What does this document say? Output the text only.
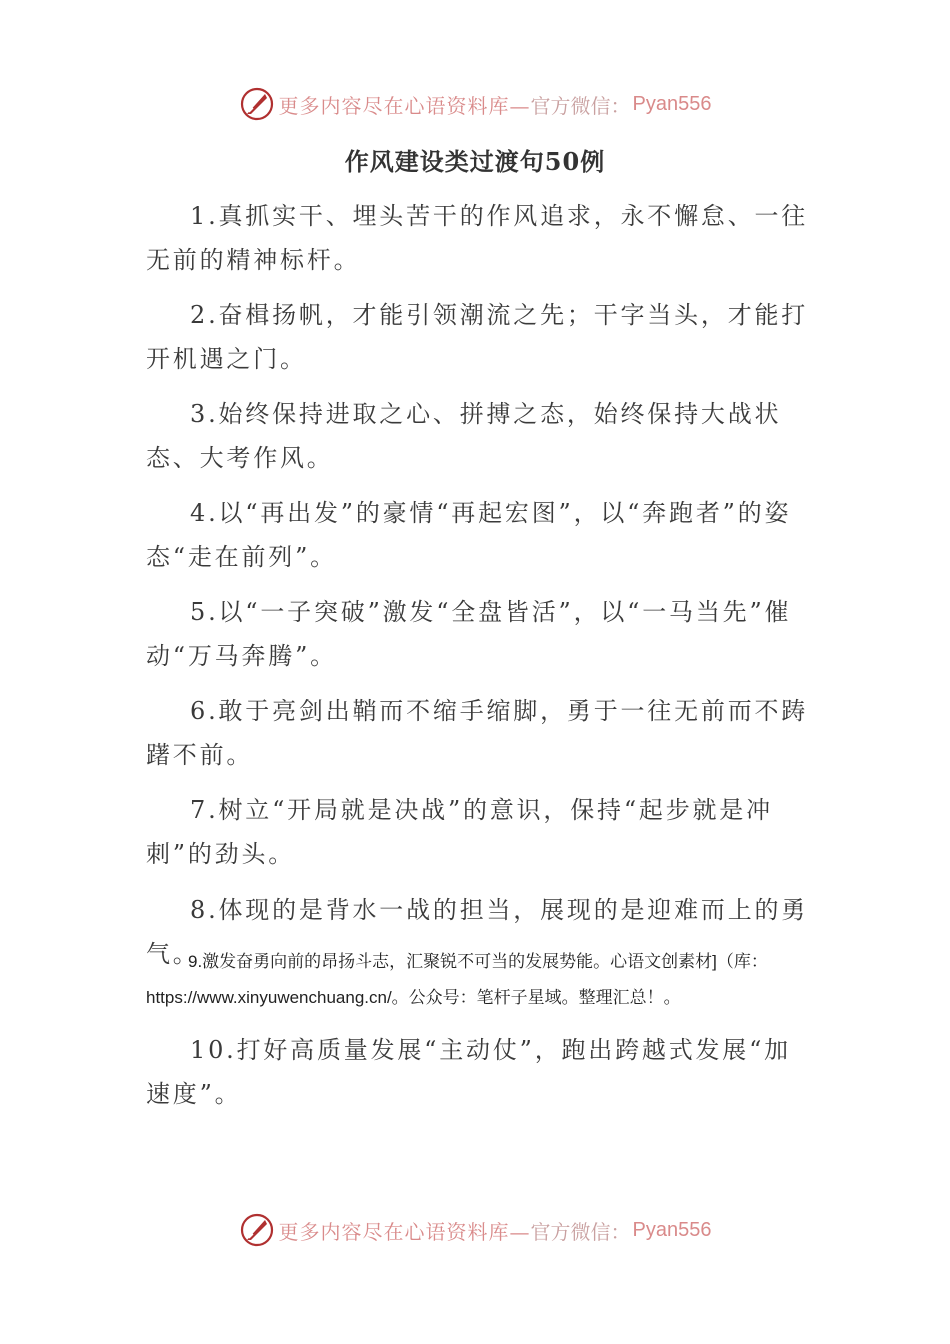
更多内容尽在心语资料库— 官方微信： Pyan556
作风建设类过渡句50例

1.真抓实干、埋头苦干的作风追求，永不懈怠、一往无前的精神标杆。

2.奋楫扬帆，才能引领潮流之先；干字当头，才能打开机遇之门。

3.始终保持进取之心、拼搏之态，始终保持大战状态、大考作风。

4.以“再出发”的豪情“再起宏图”，以“奔跑者”的姿态“走在前列”。

5.以“一子突破”激发“全盘皆活”，以“一马当先”催动“万马奔腾”。

6.敢于亮剑出鞘而不缩手缩脚，勇于一往无前而不踌躇不前。

7.树立“开局就是决战”的意识，保持“起步就是冲刺”的劲头。

8.体现的是背水一战的担当，展现的是迎难而上的勇气。

9.激发奋勇向前的昂扬斗志，汇聚锐不可当的发展势能。心语文创素材]（库：https://www.xinyuwenchuang.cn/。公众号：笔杆子星域。整理汇总！。

10.打好高质量发展“主动仗”，跑出跨越式发展“加速度”。

更多内容尽在心语资料库— 官方微信： Pyan556
